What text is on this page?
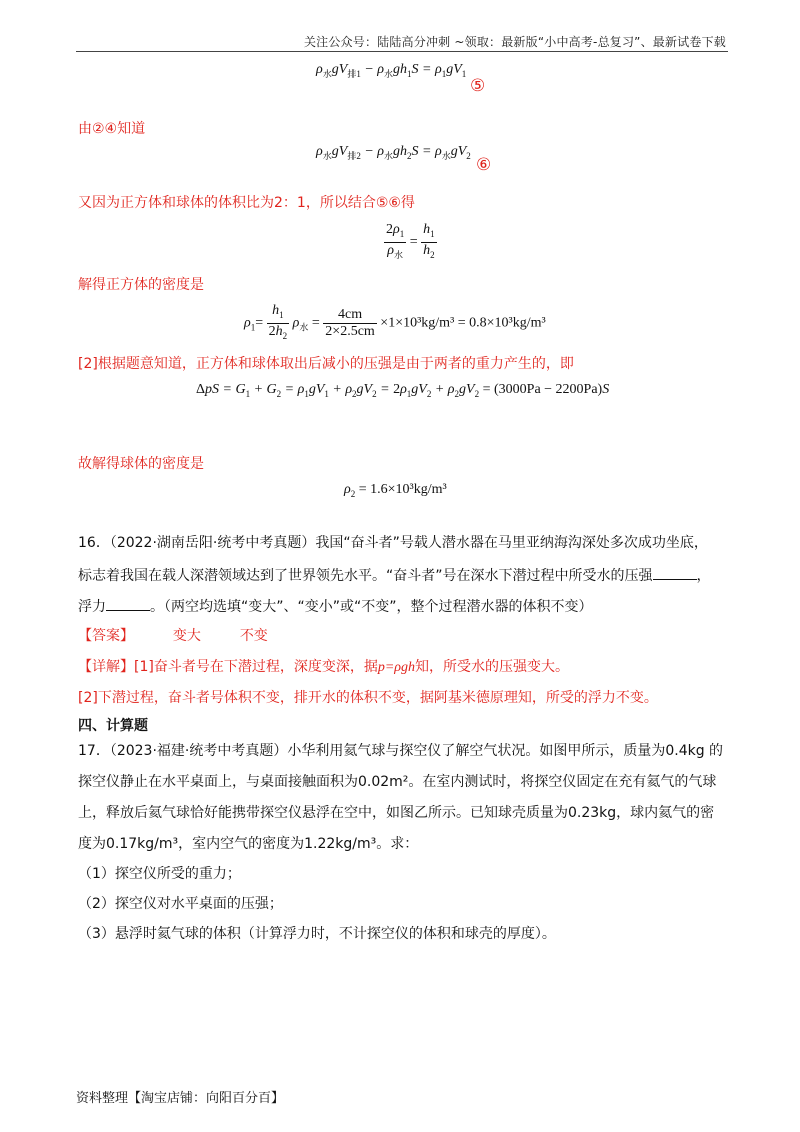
关注公众号：陆陆高分冲刺 ~领取：最新版“小中高考-总复习”、最新试卷下载
$\rho_水gV_{排1} - \rho_水gh_1S = \rho_1gV_1$
⑤
由②④知道
$\rho_水gV_{排2} - \rho_水gh_2S = \rho_水gV_2$ ⑥
又因为正方体和球体的体积比为2：1，所以结合⑤⑥得
$\frac{2\rho_1}{\rho_水} = \frac{h_1}{h_2}$
解得正方体的密度是
$\rho_1= \frac{h_1}{2h_2} \rho_水 = \frac{4cm}{2\times 2.5cm} \times 1\times 10^3kg/m^3 = 0.8\times 10^3kg/m^3$
[2]根据题意知道，正方体和球体取出后减小的压强是由于两者的重力产生的，即
$\Delta pS = G_1 + G_2 = \rho_1gV_1 + \rho_2gV_2 = 2\rho_1gV_2 + \rho_2gV_2 = (3000Pa - 2200Pa)S$
故解得球体的密度是
$\rho_2 = 1.6\times 10^3kg/m^3$
16．（2022·湖南岳阳·统考中考真题）我国“奋斗者”号载人潜水器在马里亚纳海沟深处多次成功坐底，
标志着我国在载人深潜领域达到了世界领先水平。“奋斗者”号在深水下潜过程中所受水的压强	，
浮力	。（两空均选填“变大”、“变小”或“不变”，整个过程潜水器的体积不变）
【答案】	变大	不变
【详解】[1]奋斗者号在下潜过程，深度变深，据p=ρgh知，所受水的压强变大。
[2]下潜过程，奋斗者号体积不变，排开水的体积不变，据阿基米德原理知，所受的浮力不变。
四、计算题
17．（2023·福建·统考中考真题）小华利用氦气球与探空仪了解空气状况。如图甲所示，质量为0.4kg 的
探空仪静止在水平桌面上，与桌面接触面积为0.02m²。在室内测试时，将探空仪固定在充有氦气的气球
上，释放后氦气球恰好能携带探空仪悬浮在空中，如图乙所示。已知球壳质量为0.23kg，球内氦气的密
度为0.17kg/m³，室内空气的密度为1.22kg/m³。求：
（1）探空仪所受的重力；
（2）探空仪对水平桌面的压强；
（3）悬浮时氦气球的体积（计算浮力时，不计探空仪的体积和球壳的厚度）。
资料整理【淘宝店铺：向阳百分百】
